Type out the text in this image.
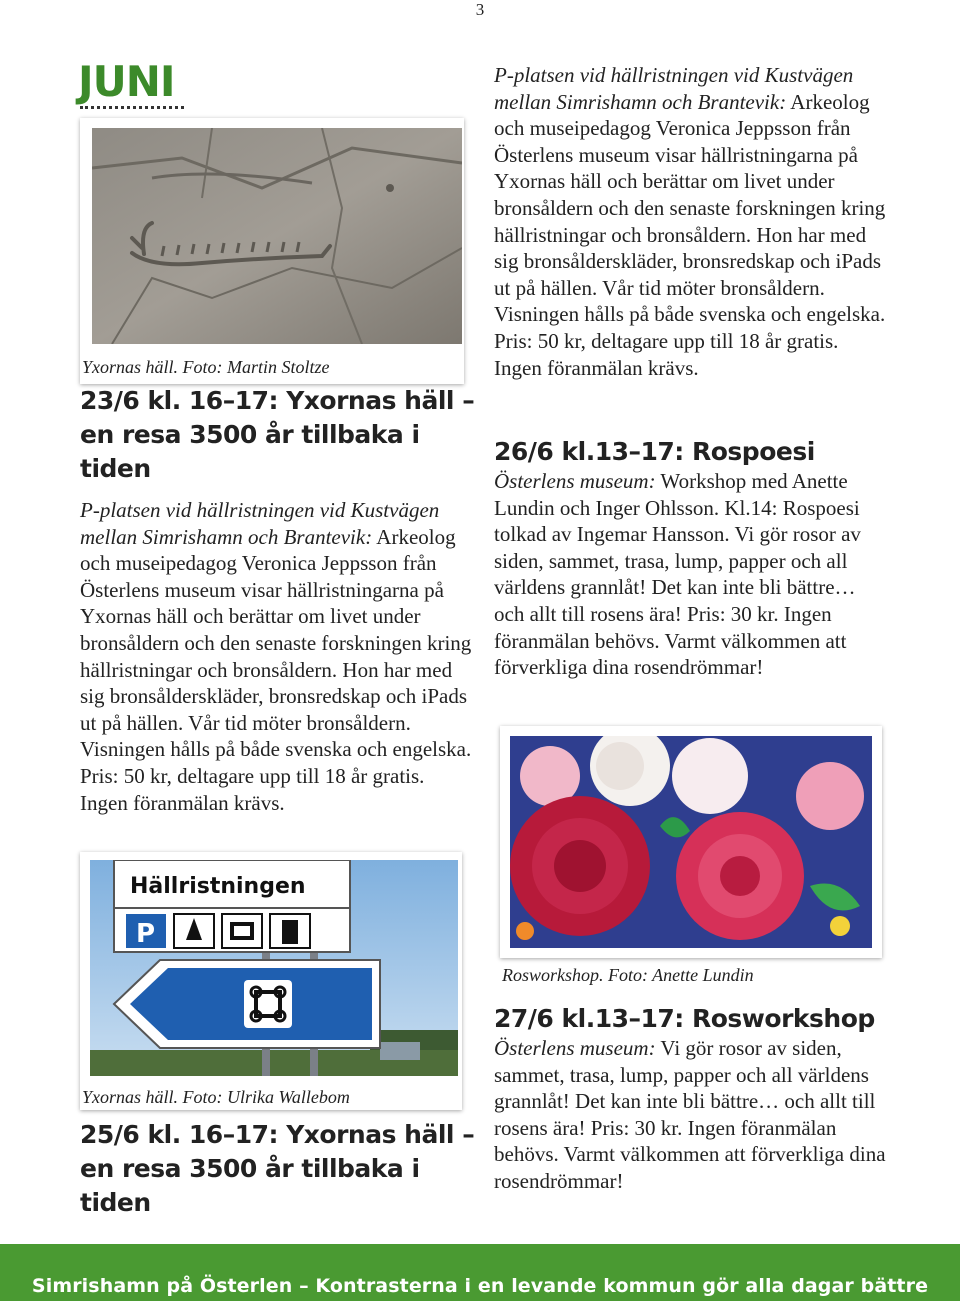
3
JUNI
Yxornas häll. Foto: Martin Stoltze
23/6 kl. 16–17: Yxornas häll – en resa 3500 år tillbaka i tiden
P-platsen vid hällristningen vid Kustvägen mellan Simrishamn och Brantevik: Arkeolog och museipedagog Veronica Jeppsson från Österlens museum visar hällristningarna på Yxornas häll och berättar om livet under bronsåldern och den senaste forskningen kring hällristningar och bronsåldern. Hon har med sig bronsålderskläder, bronsredskap och iPads ut på hällen. Vår tid möter bronsåldern. Visningen hålls på både svenska och engelska. Pris: 50 kr, deltagare upp till 18 år gratis. Ingen föranmälan krävs.
Hällristningen
P
Yxornas häll. Foto: Ulrika Wallebom
25/6 kl. 16–17: Yxornas häll – en resa 3500 år tillbaka i tiden
P-platsen vid hällristningen vid Kustvägen mellan Simrishamn och Brantevik: Arkeolog och museipedagog Veronica Jeppsson från Österlens museum visar hällristningarna på Yxornas häll och berättar om livet under bronsåldern och den senaste forskningen kring hällristningar och bronsåldern. Hon har med sig bronsålderskläder, bronsredskap och iPads ut på hällen. Vår tid möter bronsåldern. Visningen hålls på både svenska och engelska. Pris: 50 kr, deltagare upp till 18 år gratis. Ingen föranmälan krävs.
26/6 kl.13–17: Rospoesi
Österlens museum: Workshop med Anette Lundin och Inger Ohlsson. Kl.14: Rospoesi tolkad av Ingemar Hansson. Vi gör rosor av siden, sammet, trasa, lump, papper och all världens grannlåt! Det kan inte bli bättre… och allt till rosens ära! Pris: 30 kr. Ingen föranmälan behövs. Varmt välkommen att förverkliga dina rosendrömmar!
Rosworkshop. Foto: Anette Lundin
27/6 kl.13–17: Rosworkshop
Österlens museum: Vi gör rosor av siden, sammet, trasa, lump, papper och all världens grannlåt! Det kan inte bli bättre… och allt till rosens ära! Pris: 30 kr. Ingen föranmälan behövs. Varmt välkommen att förverkliga dina rosendrömmar!
Simrishamn på Österlen – Kontrasterna i en levande kommun gör alla dagar bättre
